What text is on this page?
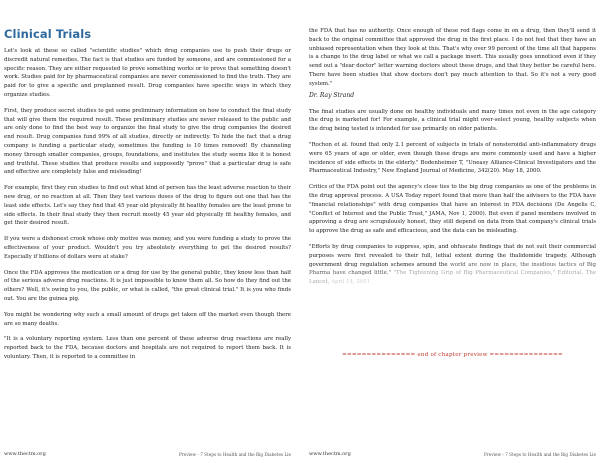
Clinical Trials

Let's look at these so called "scientific studies" which drug companies use to push their drugs or discredit natural remedies. The fact is that studies are funded by someone, and are commissioned for a specific reason. They are either requested to prove something works or to prove that something doesn't work. Studies paid for by pharmaceutical companies are never commissioned to find the truth. They are paid for to give a specific and preplanned result. Drug companies have specific ways in which they organize studies.

First, they produce secret studies to get some preliminary information on how to conduct the final study that will give them the required result. These preliminary studies are never released to the public and are only done to find the best way to organize the final study to give the drug companies the desired end result. Drug companies fund 99% of all studies, directly or indirectly. To hide the fact that a drug company is funding a particular study, sometimes the funding is 10 times removed! By channeling money through smaller companies, groups, foundations, and institutes the study seems like it is honest and truthful. These studies that produce results and supposedly "prove" that a particular drug is safe and effective are completely false and misleading!

For example, first they run studies to find out what kind of person has the least adverse reaction to their new drug, or no reaction at all. Then they test various doses of the drug to figure out one that has the least side effects. Let's say they find that 45 year old physically fit healthy females are the least prone to side effects. In their final study they then recruit mostly 45 year old physically fit healthy females, and get their desired result.

If you were a dishonest crook whose only motive was money, and you were funding a study to prove the effectiveness of your product. Wouldn't you try absolutely everything to get the desired results? Especially if billions of dollars were at stake?

Once the FDA approves the medication or a drug for use by the general public, they know less than half of the serious adverse drug reactions. It is just impossible to know them all. So how do they find out the others? Well, it's owing to you, the public, or what is called, "the great clinical trial." It is you who finds out. You are the guinea pig.

You might be wondering why such a small amount of drugs get taken off the market even though there are so many deaths.

"It is a voluntary reporting system. Less than one percent of these adverse drug reactions are really reported back to the FDA, because doctors and hospitals are not required to report them back. It is voluntary. Then, it is reported to a committee in

www.thectm.org	Preview - 7 Steps to Health and the Big Diabetes Lie

the FDA that has no authority. Once enough of these red flags come in on a drug, then they'll send it back to the original committee that approved the drug in the first place. I do not feel that they have an unbiased representation when they look at this. That's why over 99 percent of the time all that happens is a change to the drug label or what we call a package insert. This usually goes unnoticed even if they send out a "dear doctor" letter warning doctors about these drugs, and that they better be careful here. There have been studies that show doctors don't pay much attention to that. So it's not a very good system."

Dr. Ray Strand

The final studies are usually done on healthy individuals and many times not even in the age category the drug is marketed for! For example, a clinical trial might over-select young, healthy subjects when the drug being tested is intended for use primarily on older patients.

"Rochon et al. found that only 2.1 percent of subjects in trials of nonsteroidal anti-inflammatory drugs were 65 years of age or older, even though these drugs are more commonly used and have a higher incidence of side effects in the elderly." Bodenheimer T, "Uneasy Alliance-Clinical Investigators and the Pharmaceutical Industry," New England Journal of Medicine, 342(20). May 18, 2000.

Critics of the FDA point out the agency's close ties to the big drug companies as one of the problems in the drug approval process. A USA Today report found that more than half the advisers to the FDA have "financial relationships" with drug companies that have an interest in FDA decisions (De Angelis C, "Conflict of Interest and the Public Trust," JAMA, Nov 1, 2000). But even if panel members involved in approving a drug are scrupulously honest, they still depend on data from that company's clinical trials to approve the drug as safe and efficacious, and the data can be misleading.

"Efforts by drug companies to suppress, spin, and obfuscate findings that do not suit their commercial purposes were first revealed to their full, lethal extent during the thalidomide tragedy. Although government drug regulation schemes around the world are now in place, the insidious tactics of Big Pharma have changed little." "The Tightening Grip of Big Pharmaceutical Companies," Editorial, The Lancet, April 14, 2001

=============== end of chapter preview ===============
www.thectm.org	Preview - 7 Steps to Health and the Big Diabetes Lie
